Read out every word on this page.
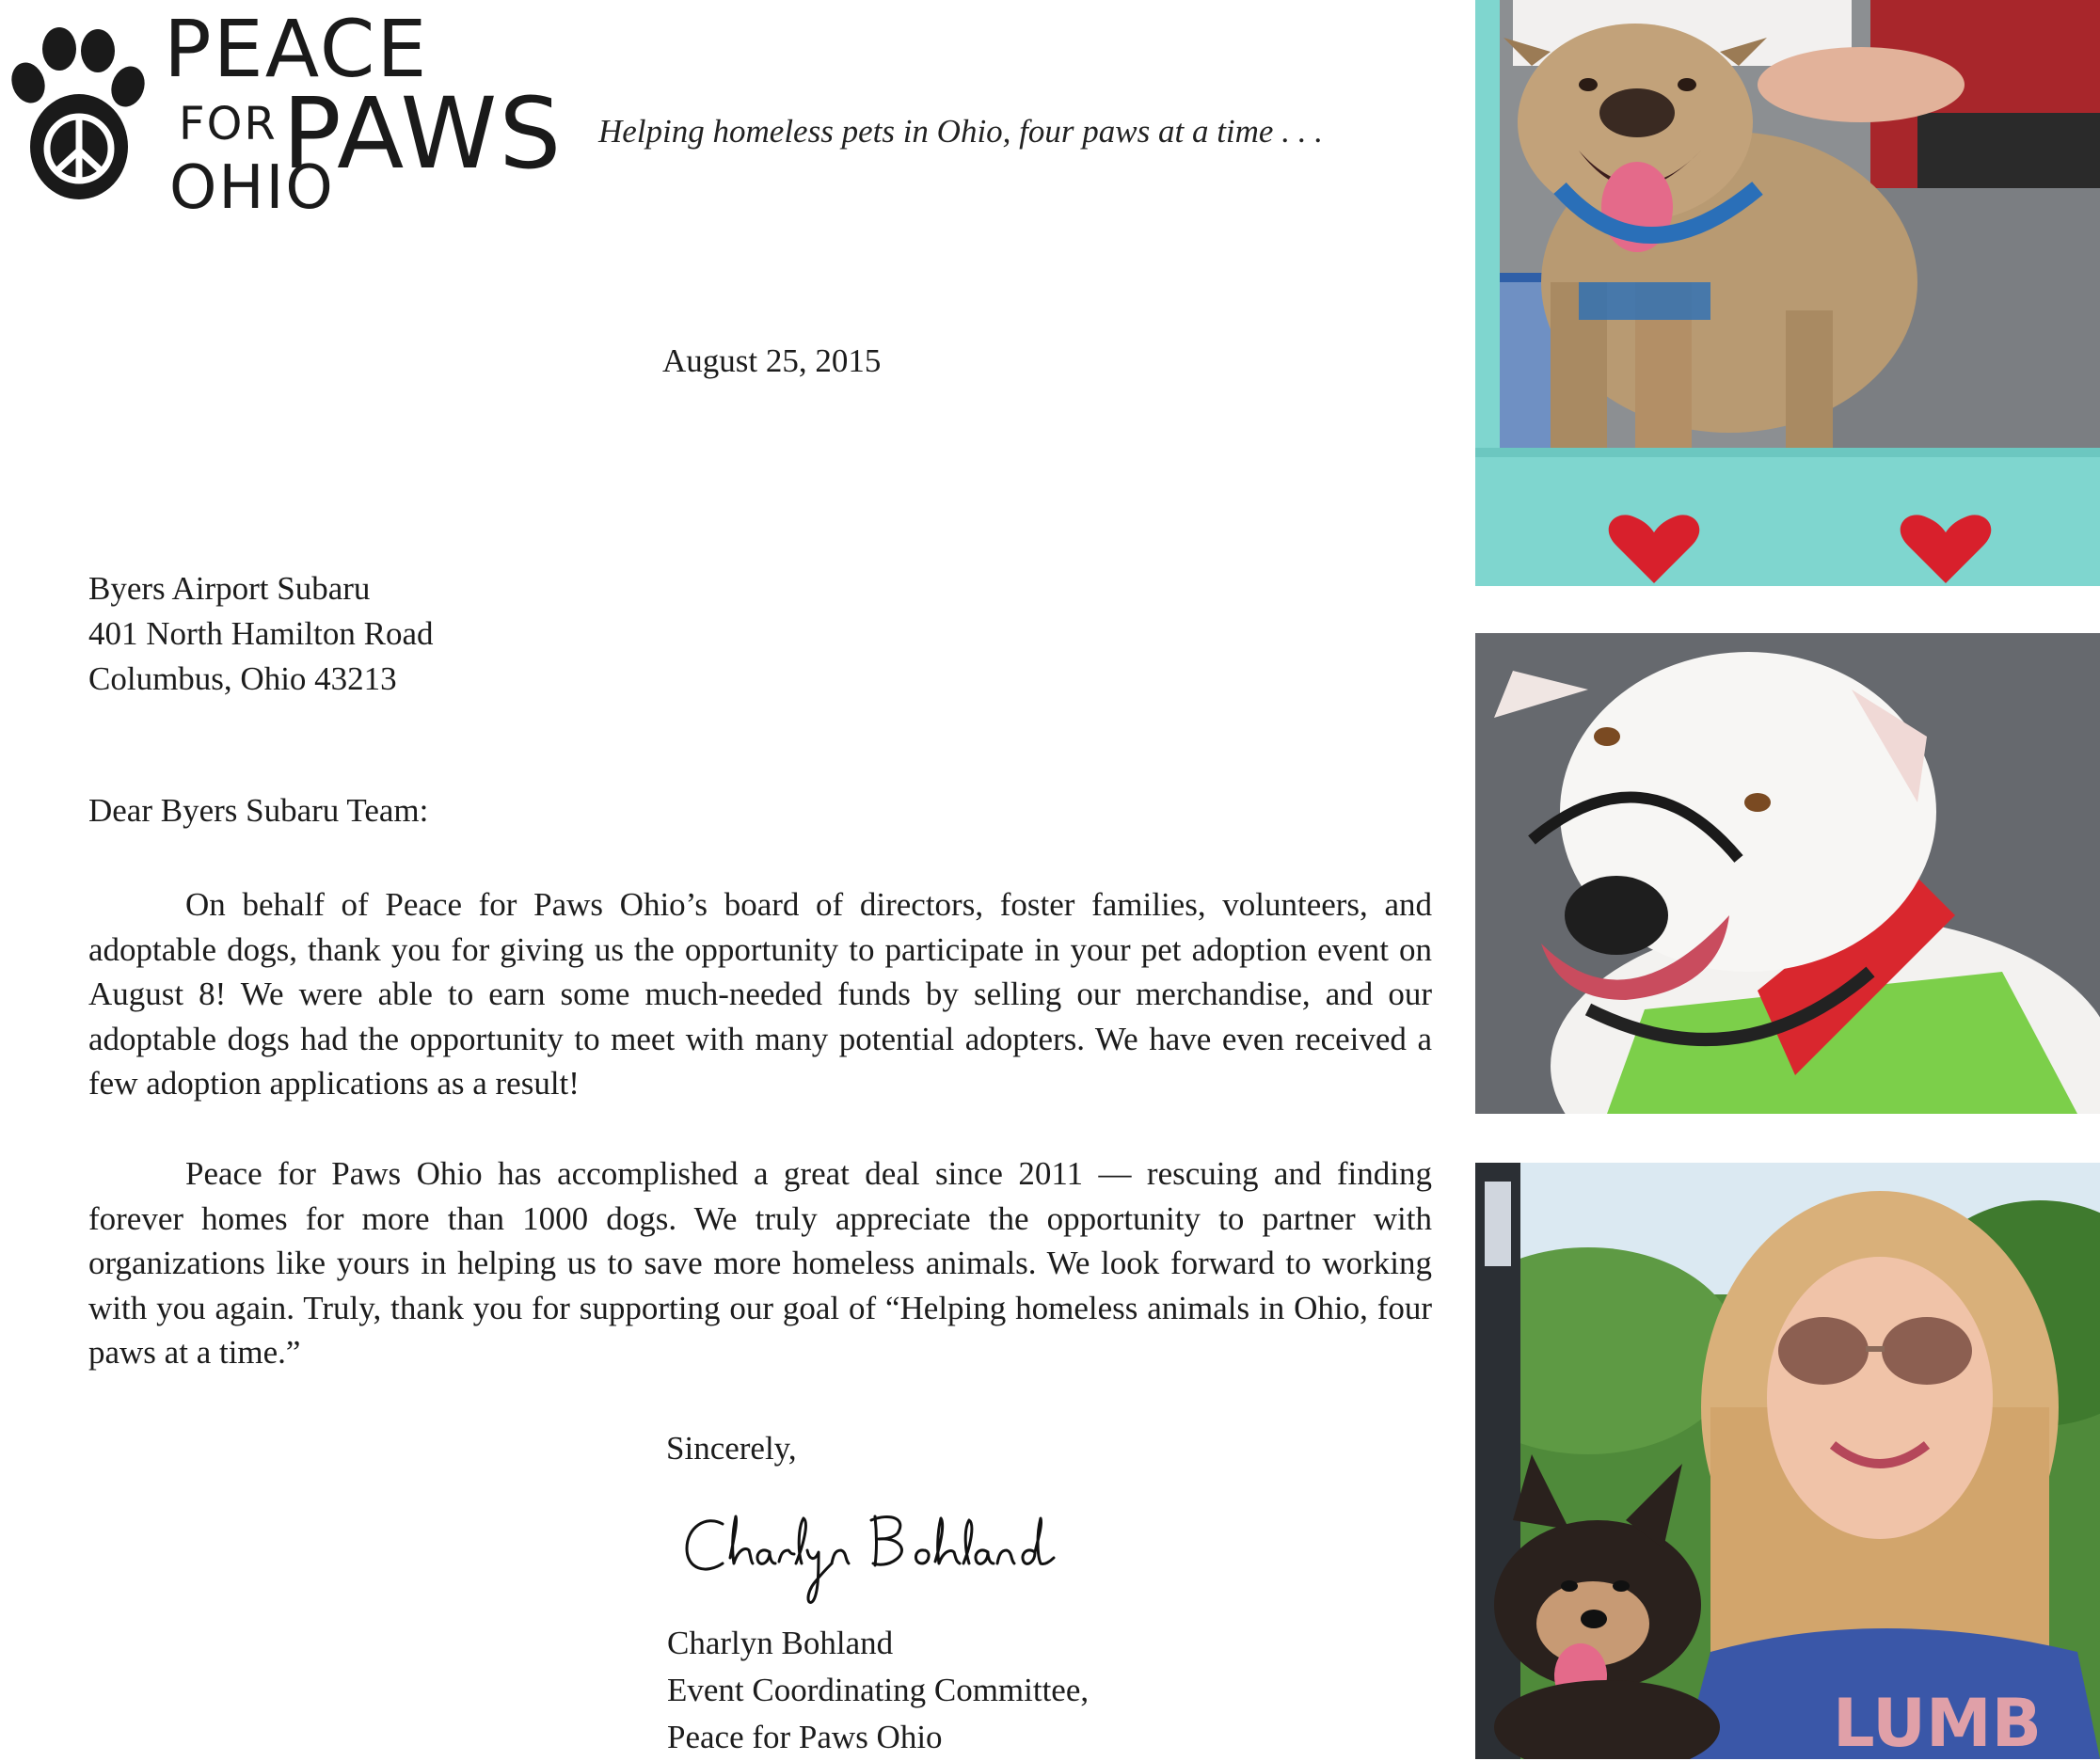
PEACE
FOR PAWS
OHIO
Helping homeless pets in Ohio, four paws at a time . . .
August 25, 2015
Byers Airport Subaru
401 North Hamilton Road
Columbus, Ohio 43213
Dear Byers Subaru Team:

On behalf of Peace for Paws Ohio’s board of directors, foster families, volunteers, and adoptable dogs, thank you for giving us the opportunity to participate in your pet adoption event on August 8! We were able to earn some much-needed funds by selling our merchandise, and our adoptable dogs had the opportunity to meet with many potential adopters. We have even received a few adoption applications as a result!

Peace for Paws Ohio has accomplished a great deal since 2011 — rescuing and finding forever homes for more than 1000 dogs. We truly appreciate the opportunity to partner with organizations like yours in helping us to save more homeless animals. We look forward to working with you again. Truly, thank you for supporting our goal of “Helping homeless animals in Ohio, four paws at a time.”

Sincerely,
Charlyn Bohland
Event Coordinating Committee,
Peace for Paws Ohio	LUMB
